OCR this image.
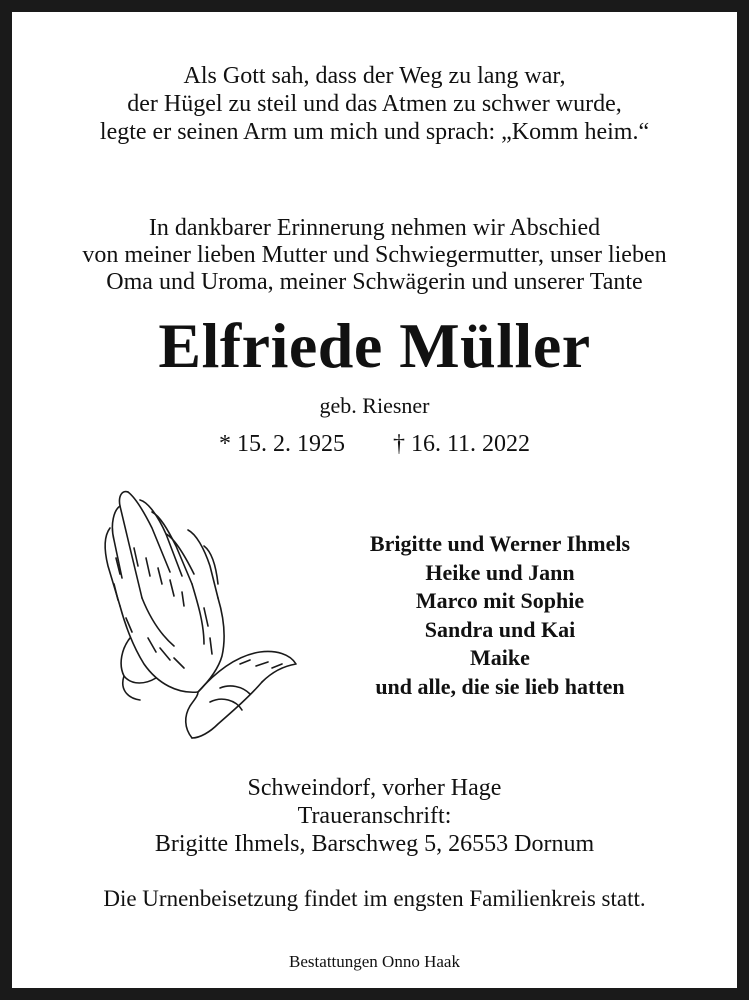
Als Gott sah, dass der Weg zu lang war,
der Hügel zu steil und das Atmen zu schwer wurde,
legte er seinen Arm um mich und sprach: „Komm heim.“
In dankbarer Erinnerung nehmen wir Abschied
von meiner lieben Mutter und Schwiegermutter, unser lieben
Oma und Uroma, meiner Schwägerin und unserer Tante
Elfriede Müller
geb. Riesner
* 15. 2. 1925 † 16. 11. 2022
Brigitte und Werner Ihmels
Heike und Jann
Marco mit Sophie
Sandra und Kai
Maike
und alle, die sie lieb hatten
Schweindorf, vorher Hage
Traueranschrift:
Brigitte Ihmels, Barschweg 5, 26553 Dornum
Die Urnenbeisetzung findet im engsten Familienkreis statt.
Bestattungen Onno Haak
